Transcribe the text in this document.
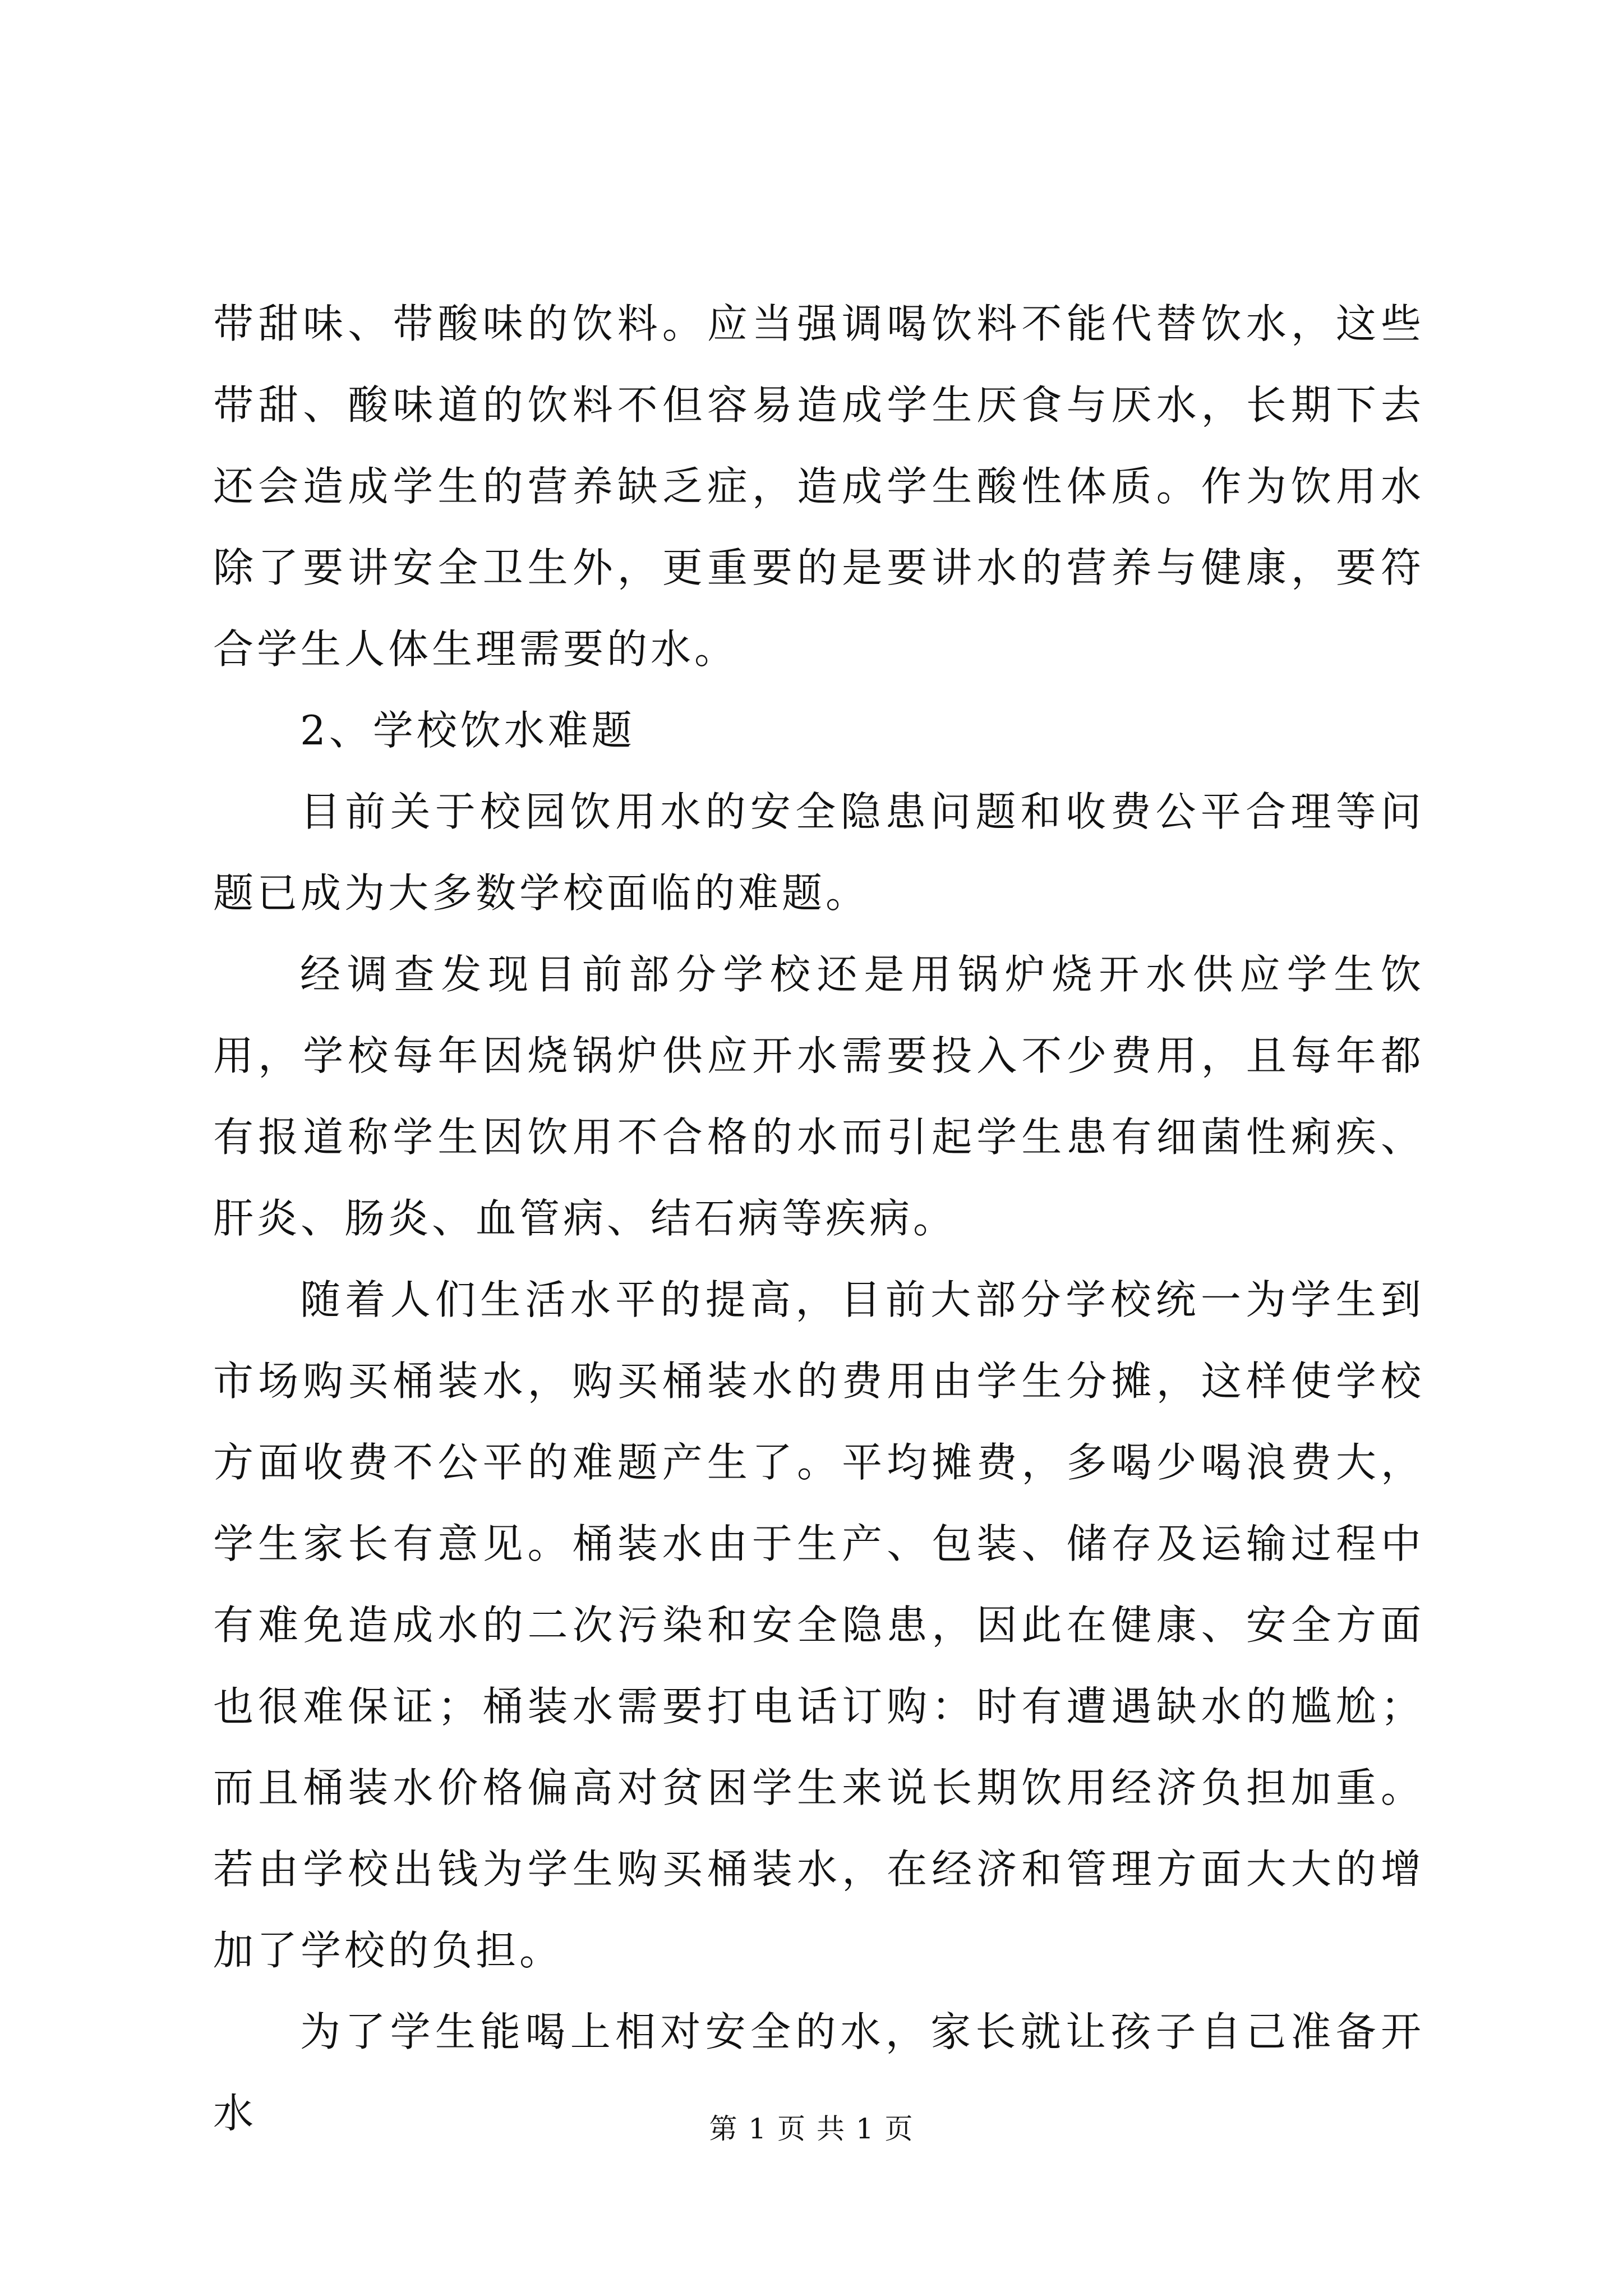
带甜味、带酸味的饮料。应当强调喝饮料不能代替饮水，这些带甜、酸味道的饮料不但容易造成学生厌食与厌水，长期下去还会造成学生的营养缺乏症，造成学生酸性体质。作为饮用水除了要讲安全卫生外，更重要的是要讲水的营养与健康，要符合学生人体生理需要的水。

2、学校饮水难题

目前关于校园饮用水的安全隐患问题和收费公平合理等问题已成为大多数学校面临的难题。

经调查发现目前部分学校还是用锅炉烧开水供应学生饮用，学校每年因烧锅炉供应开水需要投入不少费用，且每年都有报道称学生因饮用不合格的水而引起学生患有细菌性痢疾、肝炎、肠炎、血管病、结石病等疾病。

随着人们生活水平的提高，目前大部分学校统一为学生到市场购买桶装水，购买桶装水的费用由学生分摊，这样使学校方面收费不公平的难题产生了。平均摊费，多喝少喝浪费大，学生家长有意见。桶装水由于生产、包装、储存及运输过程中有难免造成水的二次污染和安全隐患，因此在健康、安全方面也很难保证；桶装水需要打电话订购：时有遭遇缺水的尴尬；而且桶装水价格偏高对贫困学生来说长期饮用经济负担加重。若由学校出钱为学生购买桶装水，在经济和管理方面大大的增加了学校的负担。

为了学生能喝上相对安全的水，家长就让孩子自己准备开水	第 1 页 共 1 页
